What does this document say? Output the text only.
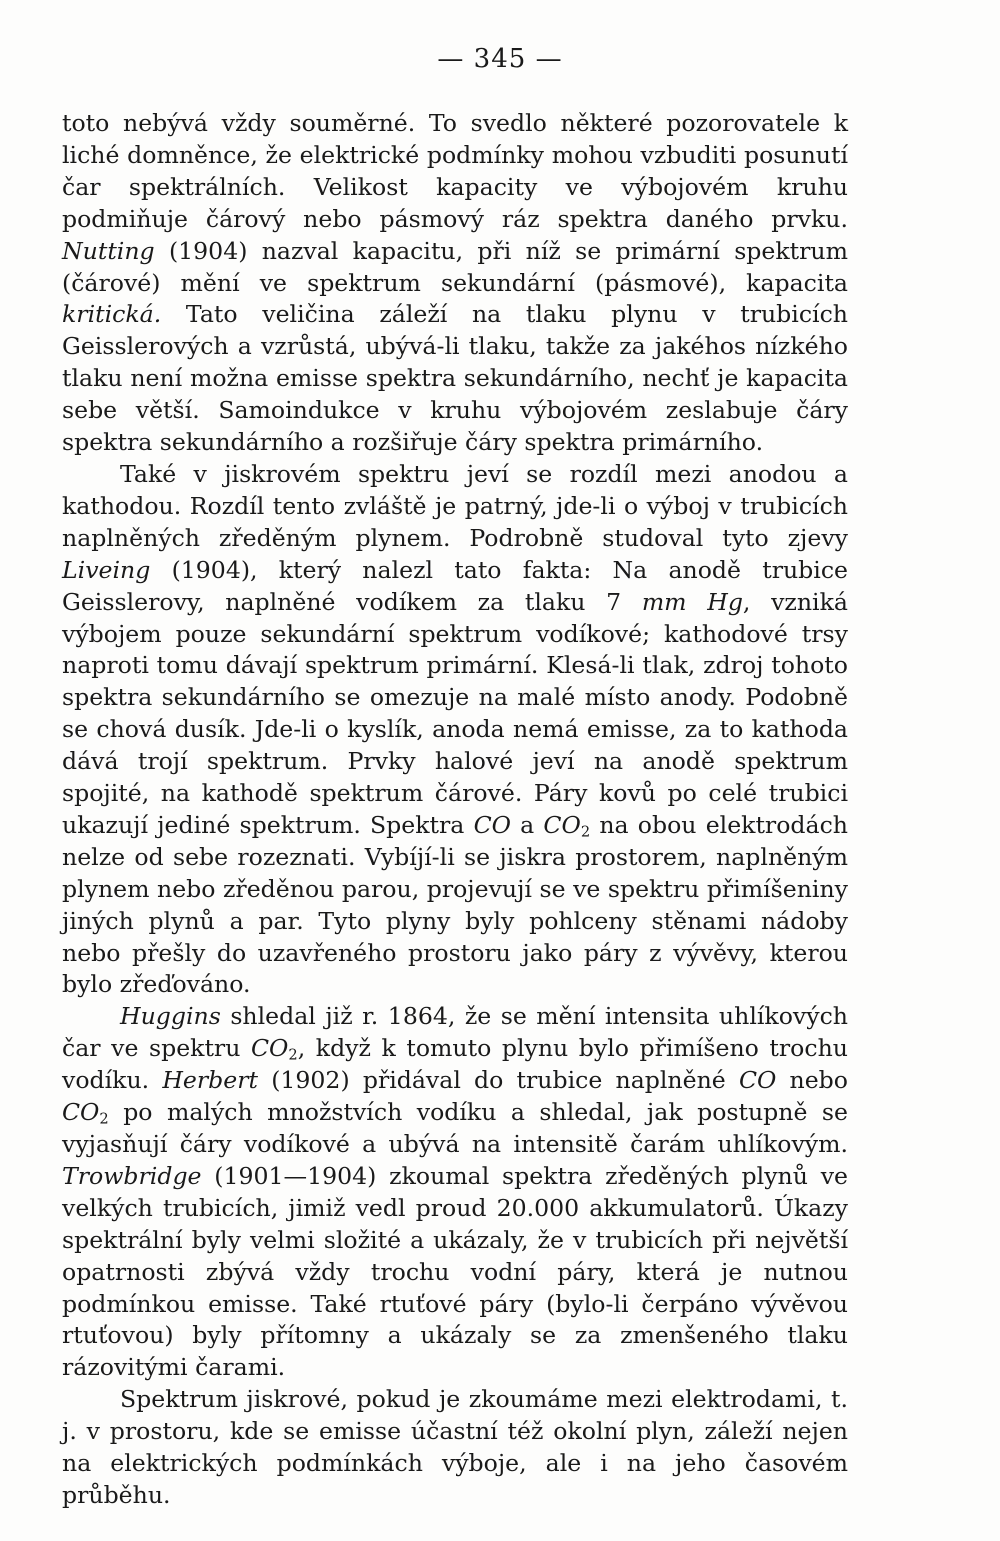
— 345 —

toto nebývá vždy souměrné. To svedlo některé pozorovatele k liché domněnce, že elektrické podmínky mohou vzbuditi posunutí čar spektrálních. Velikost kapacity ve výbojovém kruhu podmiňuje čárový nebo pásmový ráz spektra daného prvku. Nutting (1904) nazval kapacitu, při níž se primární spektrum (čárové) mění ve spektrum sekundární (pásmové), kapacita kritická. Tato veličina záleží na tlaku plynu v trubicích Geisslerových a vzrůstá, ubývá-li tlaku, takže za jakéhos nízkého tlaku není možna emisse spektra sekundárního, nechť je kapacita sebe větší. Samoindukce v kruhu výbojovém zeslabuje čáry spektra sekundárního a rozšiřuje čáry spektra primárního.

Také v jiskrovém spektru jeví se rozdíl mezi anodou a kathodou. Rozdíl tento zvláště je patrný, jde-li o výboj v trubicích naplněných zředěným plynem. Podrobně studoval tyto zjevy Liveing (1904), který nalezl tato fakta: Na anodě trubice Geisslerovy, naplněné vodíkem za tlaku 7 mm Hg, vzniká výbojem pouze sekundární spektrum vodíkové; kathodové trsy naproti tomu dávají spektrum primární. Klesá-li tlak, zdroj tohoto spektra sekundárního se omezuje na malé místo anody. Podobně se chová dusík. Jde-li o kyslík, anoda nemá emisse, za to kathoda dává trojí spektrum. Prvky halové jeví na anodě spektrum spojité, na kathodě spektrum čárové. Páry kovů po celé trubici ukazují jediné spektrum. Spektra CO a $CO_2$ na obou elektrodách nelze od sebe rozeznati. Vybíjí-li se jiskra prostorem, naplněným plynem nebo zředěnou parou, projevují se ve spektru přimíšeniny jiných plynů a par. Tyto plyny byly pohlceny stěnami nádoby nebo přešly do uzavřeného prostoru jako páry z vývěvy, kterou bylo zřeďováno.

Huggins shledal již r. 1864, že se mění intensita uhlíkových čar ve spektru $CO_2$, když k tomuto plynu bylo přimíšeno trochu vodíku. Herbert (1902) přidával do trubice naplněné CO nebo $CO_2$ po malých množstvích vodíku a shledal, jak postupně se vyjasňují čáry vodíkové a ubývá na intensitě čarám uhlíkovým. Trowbridge (1901—1904) zkoumal spektra zředěných plynů ve velkých trubicích, jimiž vedl proud 20.000 akkumulatorů. Úkazy spektrální byly velmi složité a ukázaly, že v trubicích při největší opatrnosti zbývá vždy trochu vodní páry, která je nutnou podmínkou emisse. Také rtuťové páry (bylo-li čerpáno vývěvou rtuťovou) byly přítomny a ukázaly se za zmenšeného tlaku rázovitými čarami.

Spektrum jiskrové, pokud je zkoumáme mezi elektrodami, t. j. v prostoru, kde se emisse účastní též okolní plyn, záleží nejen na elektrických podmínkách výboje, ale i na jeho časovém průběhu.
